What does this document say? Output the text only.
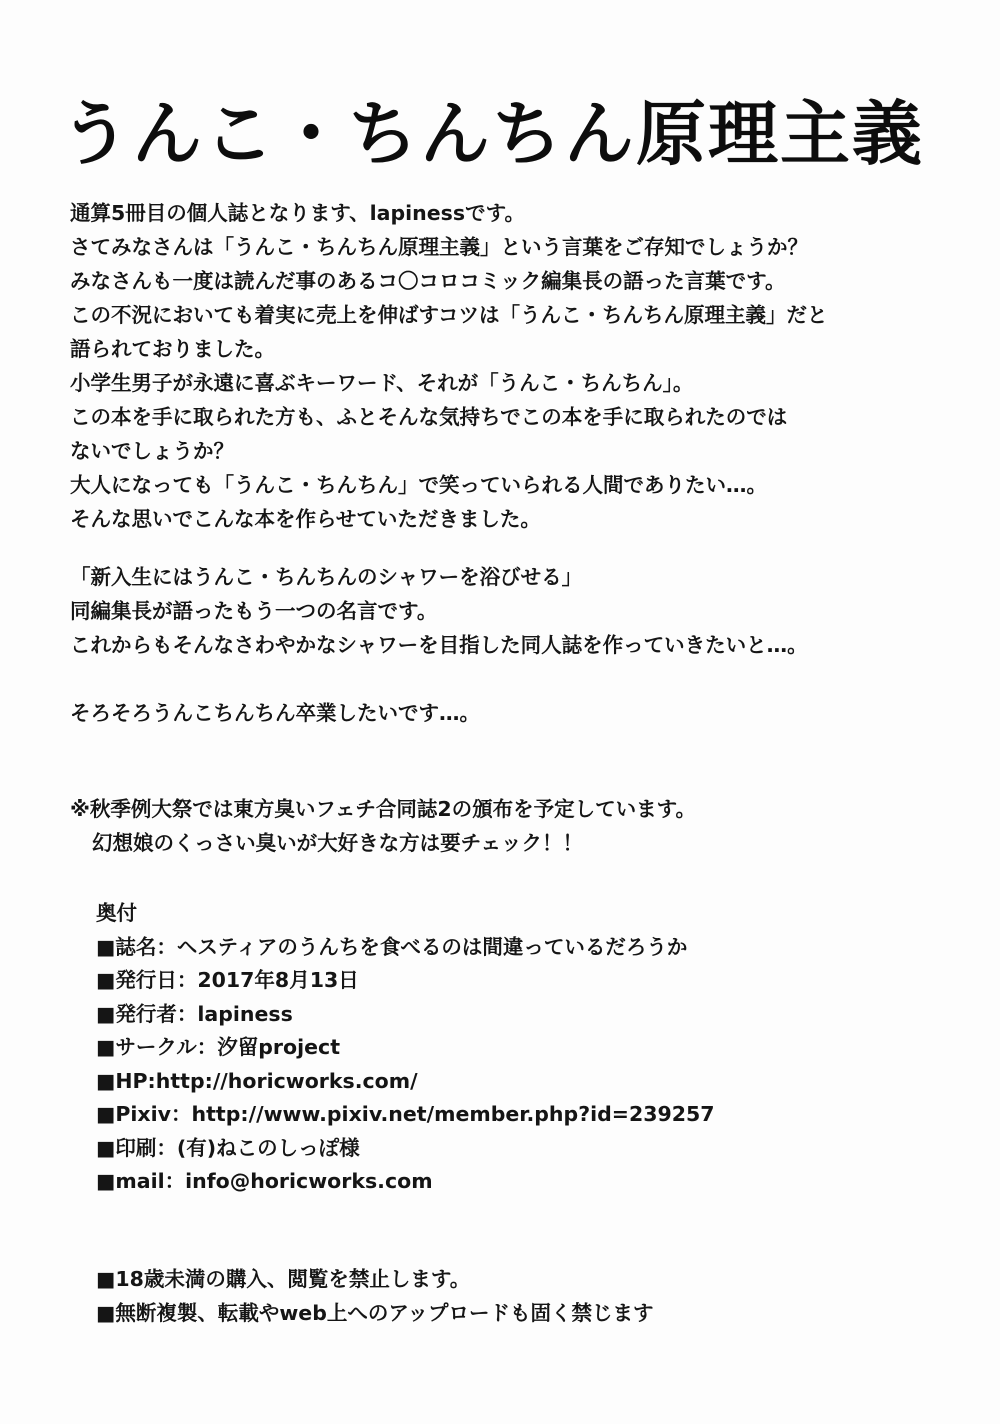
うんこ・ちんちん原理主義

通算5冊目の個人誌となります、lapinessです。

さてみなさんは「うんこ・ちんちん原理主義」という言葉をご存知でしょうか？

みなさんも一度は読んだ事のあるコ〇コロコミック編集長の語った言葉です。

この不況においても着実に売上を伸ばすコツは「うんこ・ちんちん原理主義」だと

語られておりました。

小学生男子が永遠に喜ぶキーワード、それが「うんこ・ちんちん」。

この本を手に取られた方も、ふとそんな気持ちでこの本を手に取られたのでは

ないでしょうか？

大人になっても「うんこ・ちんちん」で笑っていられる人間でありたい…。

そんな思いでこんな本を作らせていただきました。

「新入生にはうんこ・ちんちんのシャワーを浴びせる」

同編集長が語ったもう一つの名言です。

これからもそんなさわやかなシャワーを目指した同人誌を作っていきたいと…。

そろそろうんこちんちん卒業したいです…。

※秋季例大祭では東方臭いフェチ合同誌2の頒布を予定しています。

幻想娘のくっさい臭いが大好きな方は要チェック！！

奥付

■誌名：ヘスティアのうんちを食べるのは間違っているだろうか

■発行日：2017年8月13日

■発行者：lapiness

■サークル：汐留project

■HP:http://horicworks.com/

■Pixiv：http://www.pixiv.net/member.php?id=239257

■印刷：(有)ねこのしっぽ様

■mail：info@horicworks.com

■18歳未満の購入、閲覧を禁止します。

■無断複製、転載やweb上へのアップロードも固く禁じます
